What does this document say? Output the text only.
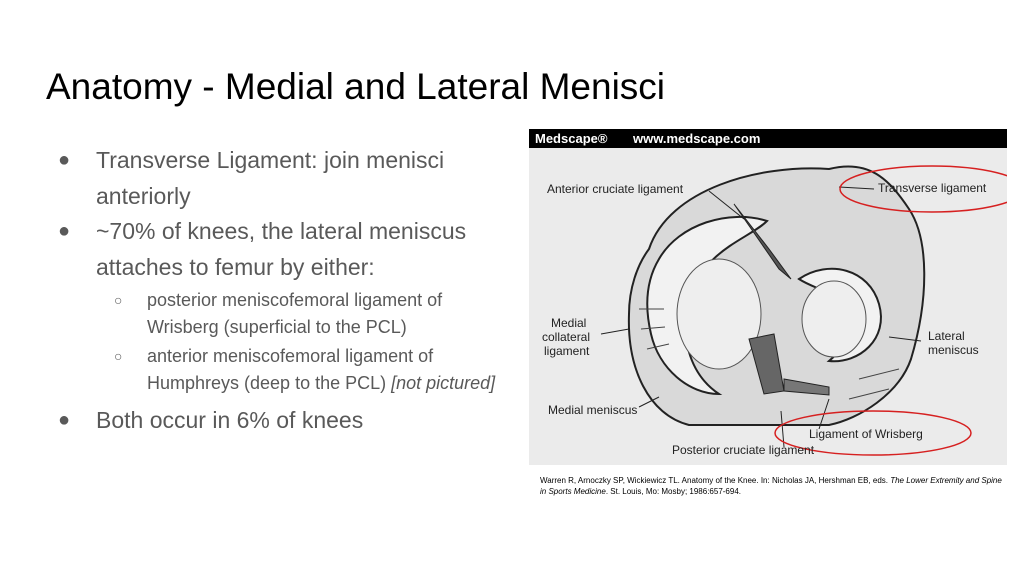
Anatomy - Medial and Lateral Menisci
● Transverse Ligament: join menisci anteriorly
● ~70% of knees, the lateral meniscus attaches to femur by either:
○ posterior meniscofemoral ligament of Wrisberg (superficial to the PCL)
○ anterior meniscofemoral ligament of Humphreys (deep to the PCL) [not pictured]
● Both occur in 6% of knees
Medscape® www.medscape.com
Anterior cruciate ligament	Transverse ligament
Medial
collateral
ligament
Lateral
meniscus
Medial meniscus
Ligament of Wrisberg
Posterior cruciate ligament
Warren R, Arnoczky SP, Wickiewicz TL. Anatomy of the Knee. In: Nicholas JA, Hershman EB, eds. The Lower Extremity and Spine in Sports Medicine. St. Louis, Mo: Mosby; 1986:657-694.
